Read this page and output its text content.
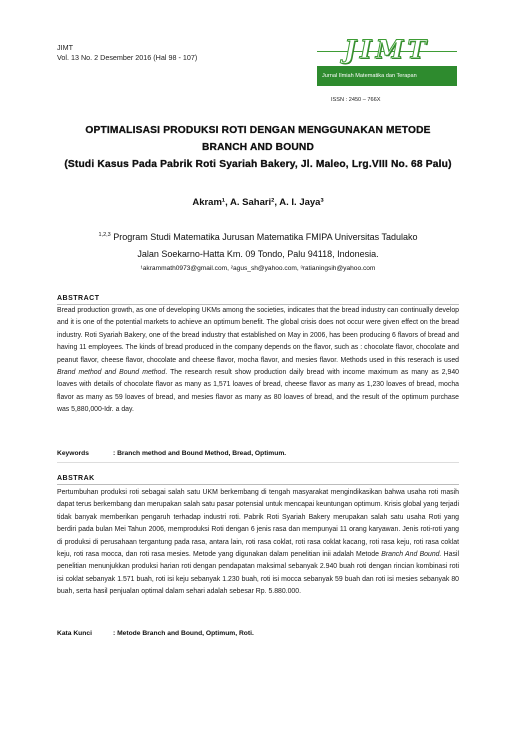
JIMT
Vol. 13 No. 2 Desember 2016 (Hal 98 - 107)	JIMT
Jurnal Ilmiah Matematika dan Terapan
ISSN : 2450 – 766X
OPTIMALISASI PRODUKSI ROTI DENGAN MENGGUNAKAN METODE
BRANCH AND BOUND
(Studi Kasus Pada Pabrik Roti Syariah Bakery, Jl. Maleo, Lrg.VIII No. 68 Palu)
Akram¹, A. Sahari², A. I. Jaya³
$^{1,2,3}$ Program Studi Matematika Jurusan Matematika FMIPA Universitas Tadulako
Jalan Soekarno-Hatta Km. 09 Tondo, Palu 94118, Indonesia.
¹akrammath0973@gmail.com, ²agus_sh@yahoo.com, ³ratianingsih@yahoo.com
ABSTRACT
Bread production growth, as one of developing UKMs among the societies, indicates that the bread industry can continually develop and it is one of the potential markets to achieve an optimum benefit. The global crisis does not occur were given effect on the bread industry. Roti Syariah Bakery, one of the bread industry that established on May in 2006, has been producing 6 flavors of bread and having 11 employees. The kinds of bread produced in the company depends on the flavor, such as : chocolate flavor, chocolate and peanut flavor, cheese flavor, chocolate and cheese flavor, mocha flavor, and mesies flavor. Methods used in this reserach is used Brand method and Bound method. The research result show production daily bread with income maximum as many as 2,940 loaves with details of chocolate flavor as many as 1,571 loaves of bread, cheese flavor as many as 1,230 loaves of bread, mocha flavor as many as 59 loaves of bread, and mesies flavor as many as 80 loaves of bread, and the result of the optimum purchase was 5,880,000-Idr. a day.
Keywords	: Branch method and Bound Method, Bread, Optimum.
ABSTRAK
Pertumbuhan produksi roti sebagai salah satu UKM berkembang di tengah masyarakat mengindikasikan bahwa usaha roti masih dapat terus berkembang dan merupakan salah satu pasar potensial untuk mencapai keuntungan optimum. Krisis global yang terjadi tidak banyak memberikan pengaruh terhadap industri roti. Pabrik Roti Syariah Bakery merupakan salah satu usaha Roti yang berdiri pada bulan Mei Tahun 2006, memproduksi Roti dengan 6 jenis rasa dan mempunyai 11 orang karyawan. Jenis roti-roti yang di produksi di perusahaan tergantung pada rasa, antara lain, roti rasa coklat, roti rasa coklat kacang, roti rasa keju, roti rasa coklat keju, roti rasa mocca, dan roti rasa mesies. Metode yang digunakan dalam penelitian inii adalah Metode Branch And Bound. Hasil penelitian menunjukkan produksi harian roti dengan pendapatan maksimal sebanyak 2.940 buah roti dengan rincian kombinasi roti isi coklat sebanyak 1.571 buah, roti isi keju sebanyak 1.230 buah, roti isi mocca sebanyak 59 buah dan roti isi mesies sebanyak 80 buah, serta hasil penjualan optimal dalam sehari adalah sebesar Rp. 5.880.000.
Kata Kunci	: Metode Branch and Bound, Optimum, Roti.
